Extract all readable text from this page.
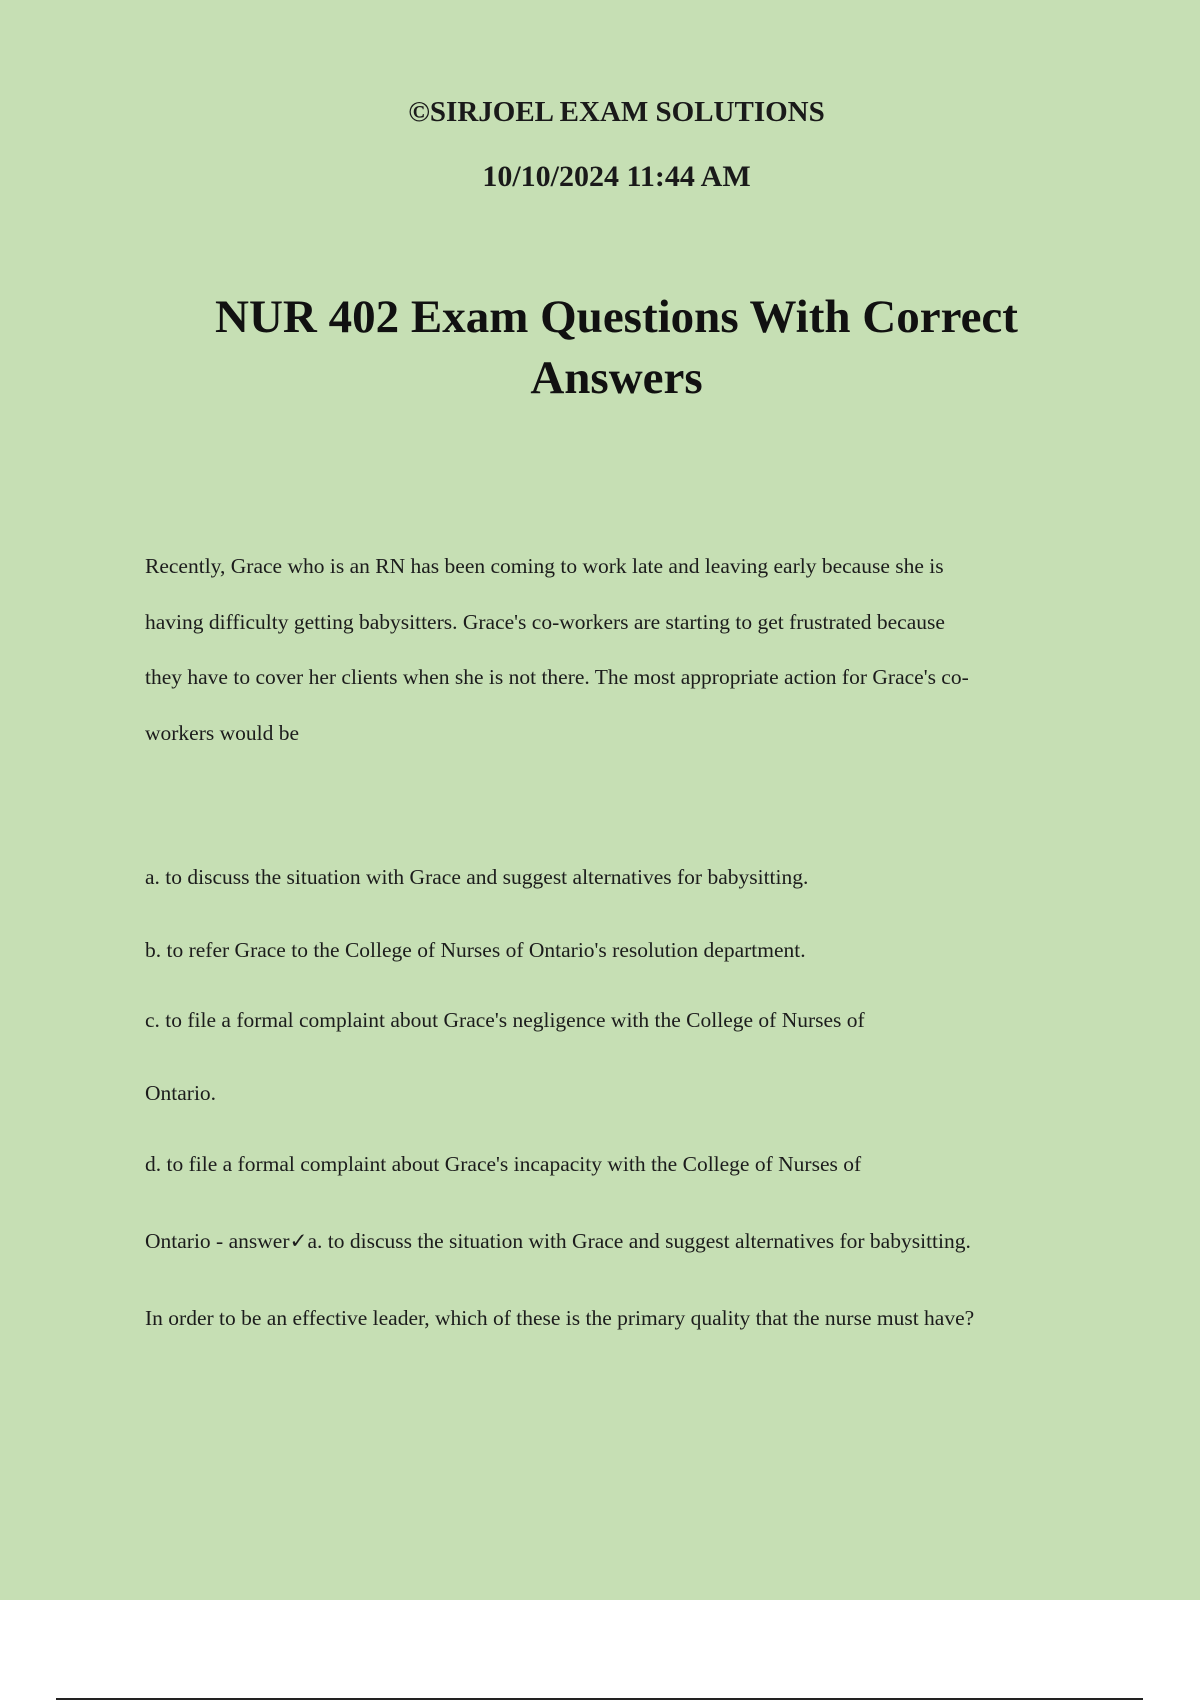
©SIRJOEL EXAM SOLUTIONS
10/10/2024 11:44 AM
NUR 402 Exam Questions With Correct Answers
Recently, Grace who is an RN has been coming to work late and leaving early because she is
having difficulty getting babysitters. Grace's co-workers are starting to get frustrated because
they have to cover her clients when she is not there. The most appropriate action for Grace's co-
workers would be
a. to discuss the situation with Grace and suggest alternatives for babysitting.
b. to refer Grace to the College of Nurses of Ontario's resolution department.
c. to file a formal complaint about Grace's negligence with the College of Nurses of
Ontario.
d. to file a formal complaint about Grace's incapacity with the College of Nurses of
Ontario - answer✓a. to discuss the situation with Grace and suggest alternatives for babysitting.
In order to be an effective leader, which of these is the primary quality that the nurse must have?
